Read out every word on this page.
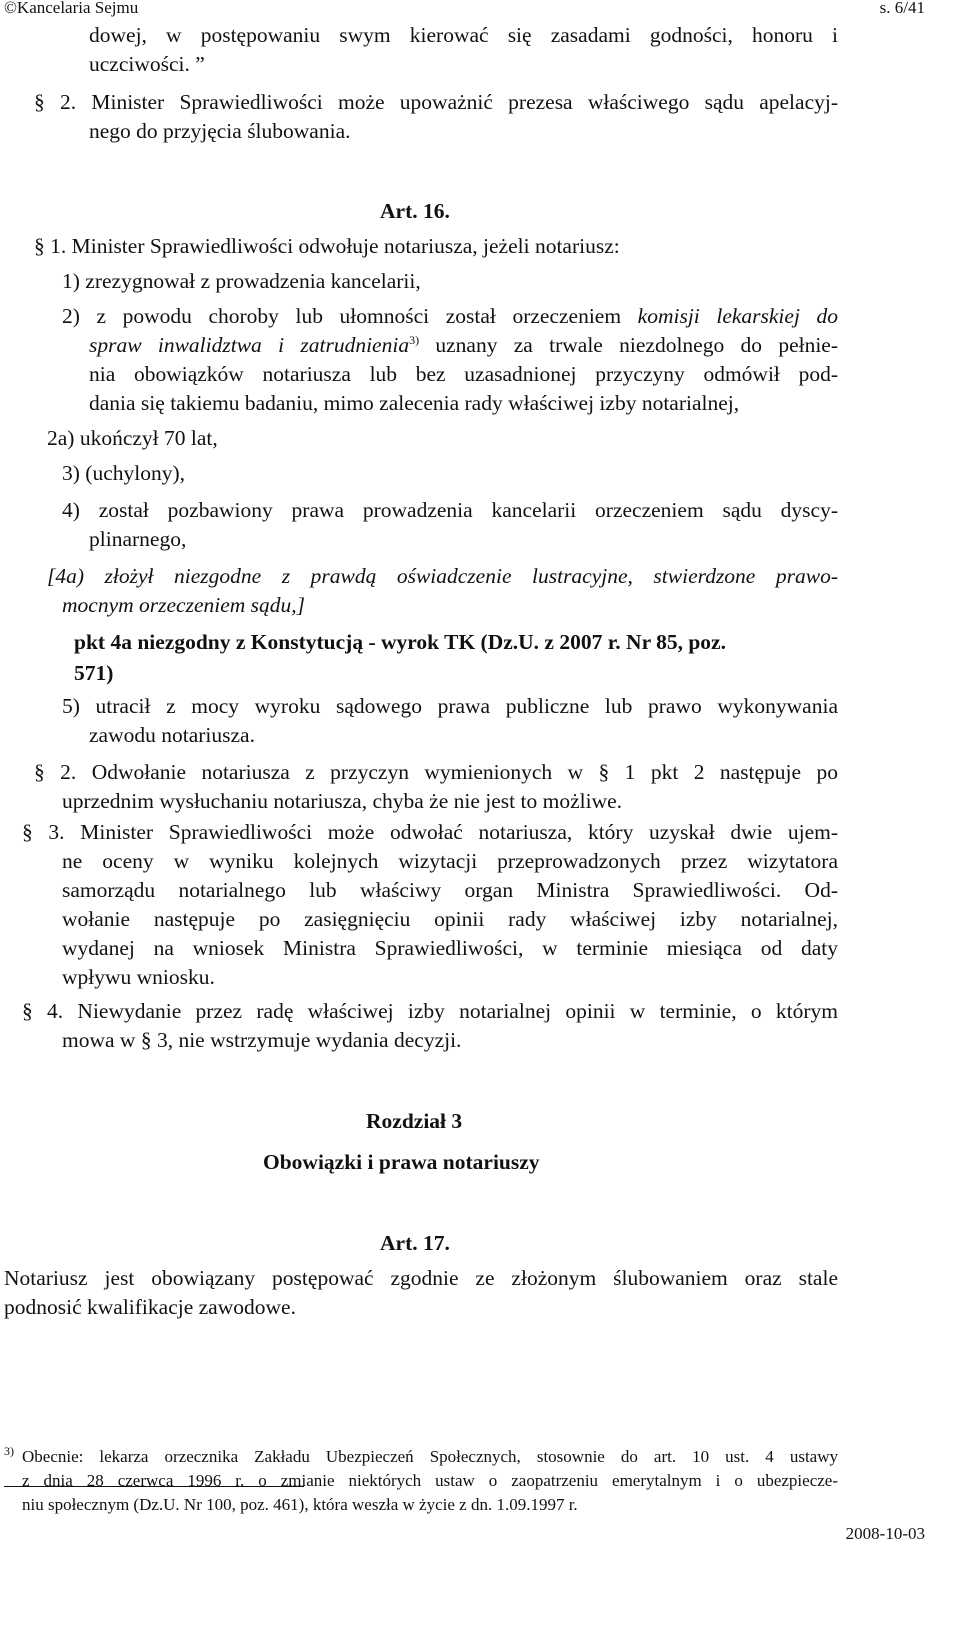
©Kancelaria Sejmu	s. 6/41
dowej, w postępowaniu swym kierować się zasadami godności, honoru i
uczciwości. ”
§ 2. Minister Sprawiedliwości może upoważnić prezesa właściwego sądu apelacyj-
nego do przyjęcia ślubowania.
Art. 16.
§ 1. Minister Sprawiedliwości odwołuje notariusza, jeżeli notariusz:
1) zrezygnował z prowadzenia kancelarii,
2) z powodu choroby lub ułomności został orzeczeniem komisji lekarskiej do
spraw inwalidztwa i zatrudnienia$^{3)}$ uznany za trwale niezdolnego do pełnie-
nia obowiązków notariusza lub bez uzasadnionej przyczyny odmówił pod-
dania się takiemu badaniu, mimo zalecenia rady właściwej izby notarialnej,
2a) ukończył 70 lat,
3) (uchylony),
4) został pozbawiony prawa prowadzenia kancelarii orzeczeniem sądu dyscy-
plinarnego,
[4a) złożył niezgodne z prawdą oświadczenie lustracyjne, stwierdzone prawo-
mocnym orzeczeniem sądu,]
pkt 4a niezgodny z Konstytucją - wyrok TK (Dz.U. z 2007 r. Nr 85, poz.
571)
5) utracił z mocy wyroku sądowego prawa publiczne lub prawo wykonywania
zawodu notariusza.
§ 2. Odwołanie notariusza z przyczyn wymienionych w § 1 pkt 2 następuje po
uprzednim wysłuchaniu notariusza, chyba że nie jest to możliwe.
§ 3. Minister Sprawiedliwości może odwołać notariusza, który uzyskał dwie ujem-
ne oceny w wyniku kolejnych wizytacji przeprowadzonych przez wizytatora
samorządu notarialnego lub właściwy organ Ministra Sprawiedliwości. Od-
wołanie następuje po zasięgnięciu opinii rady właściwej izby notarialnej,
wydanej na wniosek Ministra Sprawiedliwości, w terminie miesiąca od daty
wpływu wniosku.
§ 4. Niewydanie przez radę właściwej izby notarialnej opinii w terminie, o którym
mowa w § 3, nie wstrzymuje wydania decyzji.
Rozdział 3
Obowiązki i prawa notariuszy
Art. 17.
Notariusz jest obowiązany postępować zgodnie ze złożonym ślubowaniem oraz stale
podnosić kwalifikacje zawodowe.
3) Obecnie: lekarza orzecznika Zakładu Ubezpieczeń Społecznych, stosownie do art. 10 ust. 4 ustawy
z dnia 28 czerwca 1996 r. o zmianie niektórych ustaw o zaopatrzeniu emerytalnym i o ubezpiecze-
niu społecznym (Dz.U. Nr 100, poz. 461), która weszła w życie z dn. 1.09.1997 r.
2008-10-03
